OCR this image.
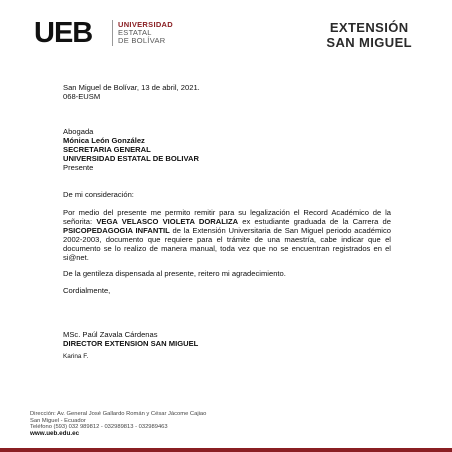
UEB	UNIVERSIDAD
ESTATAL
DE BOLÍVAR
EXTENSIÓN
SAN MIGUEL
San Miguel de Bolívar, 13 de abril, 2021.
068-EUSM
Abogada
Mónica León González
SECRETARIA GENERAL
UNIVERSIDAD ESTATAL DE BOLIVAR
Presente
De mi consideración:
Por medio del presente me permito remitir para su legalización el Record Académico de la señorita: VEGA VELASCO VIOLETA DORALIZA ex estudiante graduada de la Carrera de PSICOPEDAGOGIA INFANTIL de la Extensión Universitaria de San Miguel periodo académico 2002-2003, documento que requiere para el trámite de una maestría, cabe indicar que el documento se lo realizo de manera manual, toda vez que no se encuentran registrados en el si@net.
De la gentileza dispensada al presente, reitero mi agradecimiento.
Cordialmente,
MSc. Paúl Zavala Cárdenas
DIRECTOR EXTENSION SAN MIGUEL
Karina F.
Dirección: Av. General José Gallardo Román y César Jácome Cajiao
San Miguel - Ecuador
Teléfono (593) 032 989812 - 032989813 - 032989463
www.ueb.edu.ec
